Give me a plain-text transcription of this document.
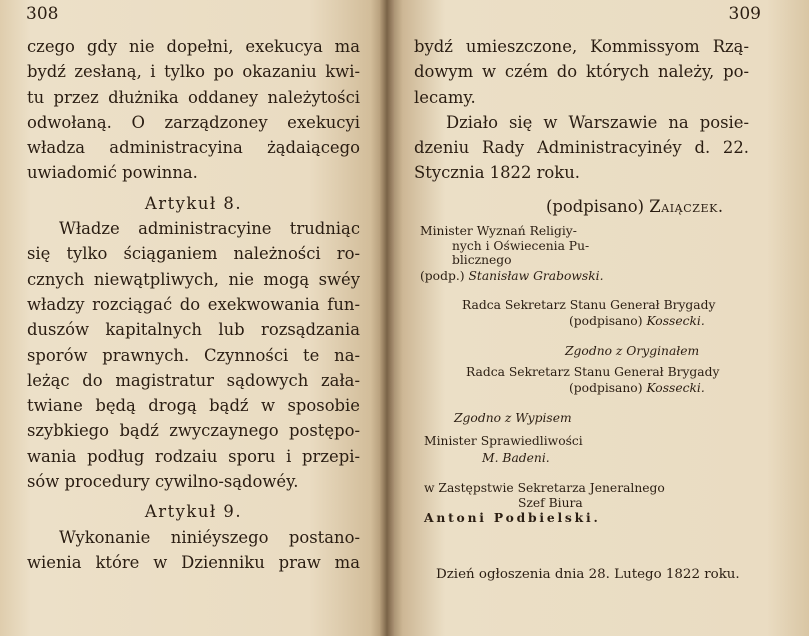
308	309
czego gdy nie dopełni, exekucya ma
bydź zesłaną, i tylko po okazaniu kwi-
tu przez dłużnika oddaney należytości
odwołaną. O zarządzoney exekucyi
władza administracyina żądaiącego
uwiadomić powinna.
Artykuł 8.
Władze administracyine trudniąc
się tylko ściąganiem należności ro-
cznych niewątpliwych, nie mogą swéy
władzy rozciągać do exekwowania fun-
duszów kapitalnych lub rozsądzania
sporów prawnych. Czynności te na-
leżąc do magistratur sądowych zała-
twiane będą drogą bądź w sposobie
szybkiego bądź zwyczaynego postępo-
wania podług rodzaiu sporu i przepi-
sów procedury cywilno-sądowéy.
Artykuł 9.
Wykonanie niniéyszego postano-
wienia które w Dzienniku praw ma
bydź umieszczone, Kommissyom Rzą-
dowym w czém do których należy, po-
lecamy.
Działo się w Warszawie na posie-
dzeniu Rady Administracyinéy d. 22.
Stycznia 1822 roku.
(podpisano) Zaiączek.
Minister Wyznań Religiy-
nych i Oświecenia Pu-
blicznego
(podp.) Stanisław Grabowski.
Radca Sekretarz Stanu Generał Brygady
(podpisano) Kossecki.
Zgodno z Oryginałem
Radca Sekretarz Stanu Generał Brygady
(podpisano) Kossecki.
Zgodno z Wypisem
Minister Sprawiedliwości
M. Badeni.
w Zastępstwie Sekretarza Jeneralnego
Szef Biura
Antoni Podbielski.
Dzień ogłoszenia dnia 28. Lutego 1822 roku.
